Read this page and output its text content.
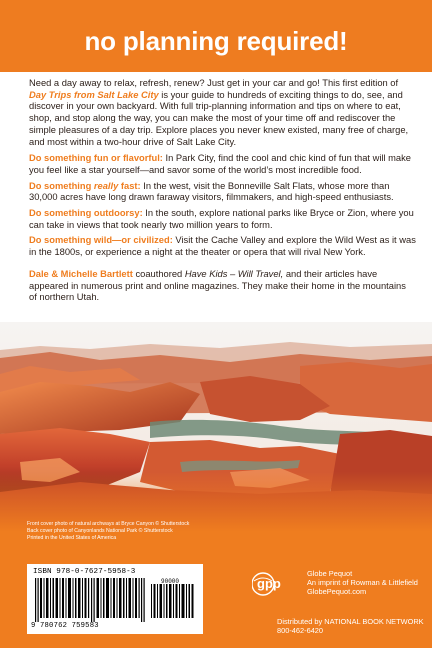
no planning required!

Need a day away to relax, refresh, renew? Just get in your car and go! This first edition of Day Trips from Salt Lake City is your guide to hundreds of exciting things to do, see, and discover in your own backyard. With full trip-planning information and tips on where to eat, shop, and stop along the way, you can make the most of your time off and rediscover the simple pleasures of a day trip. Explore places you never knew existed, many free of charge, and most within a two-hour drive of Salt Lake City.

Do something fun or flavorful: In Park City, find the cool and chic kind of fun that will make you feel like a star yourself—and savor some of the world’s most incredible food.

Do something really fast: In the west, visit the Bonneville Salt Flats, whose more than 30,000 acres have long drawn faraway visitors, filmmakers, and high-speed enthusiasts.

Do something outdoorsy: In the south, explore national parks like Bryce or Zion, where you can take in views that took nearly two million years to form.

Do something wild—or civilized: Visit the Cache Valley and explore the Wild West as it was in the 1800s, or experience a night at the theater or opera that will rival New York.

Dale & Michelle Bartlett coauthored Have Kids – Will Travel, and their articles have appeared in numerous print and online magazines. They make their home in the mountains of northern Utah.

Front cover photo of natural archways at Bryce Canyon © Shutterstock
Back cover photo of Canyonlands National Park © Shutterstock
Printed in the United States of America
ISBN 978-0-7627-5958-3
90000
9 780762 759583
gpp
Globe Pequot
An imprint of Rowman & Littlefield
GlobePequot.com
Distributed by NATIONAL BOOK NETWORK
800-462-6420
